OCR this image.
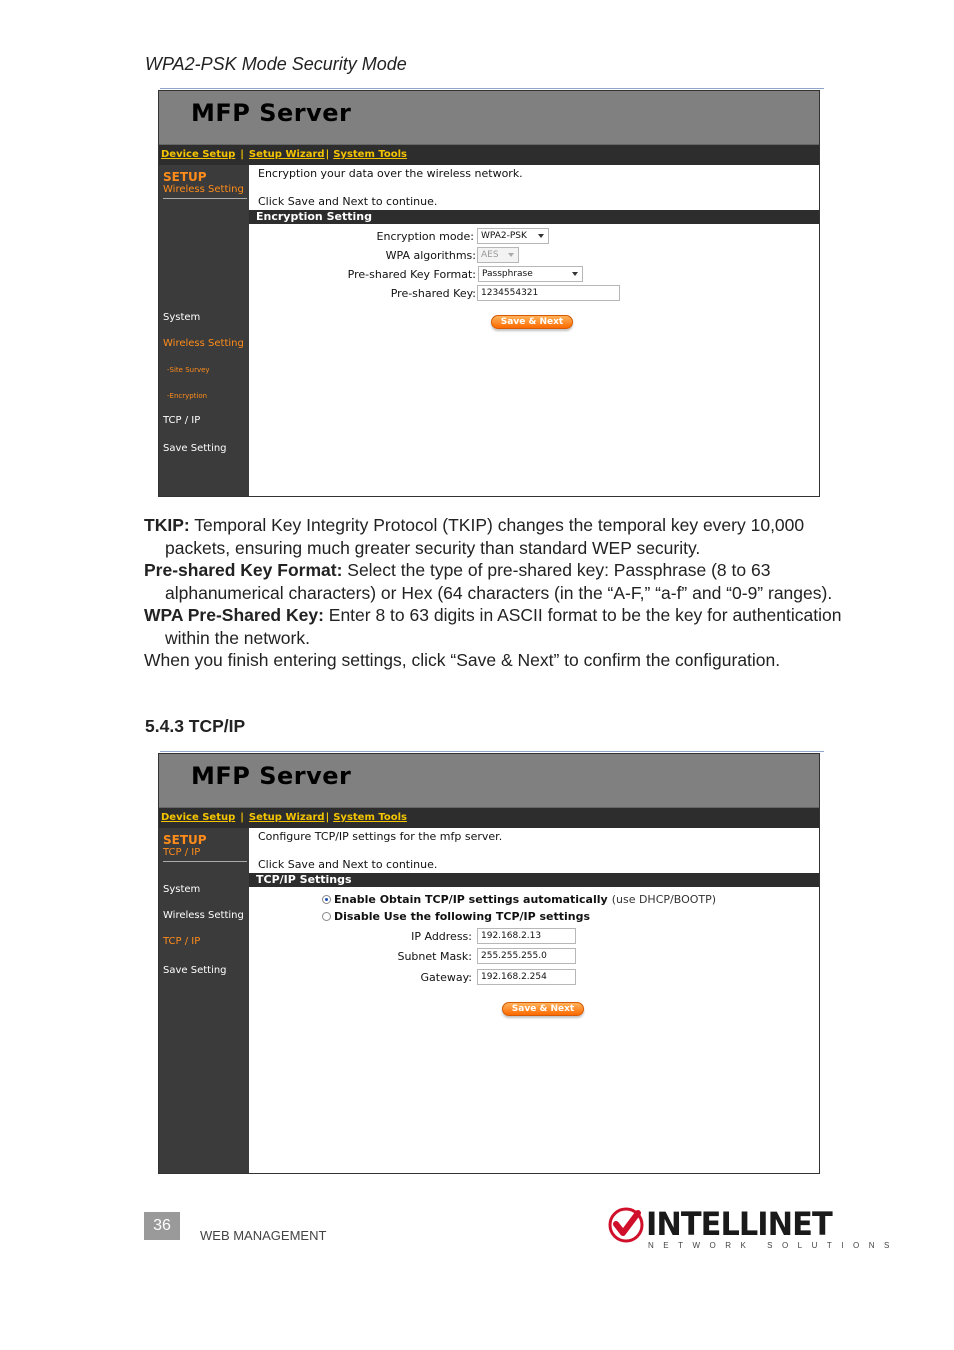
WPA2-PSK Mode Security Mode
MFP Server
Device Setup | Setup Wizard| System Tools
SETUP
Wireless Setting
System
Wireless Setting
-Site Survey
-Encryption
TCP / IP
Save Setting
Encryption your data over the wireless network.
Click Save and Next to continue.
Encryption Setting
Encryption mode: WPA2-PSK
WPA algorithms: AES
Pre-shared Key Format: Passphrase
Pre-shared Key: 1234554321
Save & Next

TKIP: Temporal Key Integrity Protocol (TKIP) changes the temporal key every 10,000 packets, ensuring much greater security than standard WEP security.

Pre-shared Key Format: Select the type of pre-shared key: Passphrase (8 to 63 alphanumerical characters) or Hex (64 characters (in the “A-F,” “a-f” and “0-9” ranges).

WPA Pre-Shared Key: Enter 8 to 63 digits in ASCII format to be the key for authentication within the network.

When you finish entering settings, click “Save & Next” to confirm the configuration.

5.4.3 TCP/IP
MFP Server
Device Setup | Setup Wizard| System Tools
SETUP
TCP / IP
System
Wireless Setting
TCP / IP
Save Setting
Configure TCP/IP settings for the mfp server.
Click Save and Next to continue.
TCP/IP Settings
Enable Obtain TCP/IP settings automatically (use DHCP/BOOTP)
Disable Use the following TCP/IP settings
IP Address:	192.168.2.13
Subnet Mask:	255.255.255.0
Gateway:	192.168.2.254
Save & Next
36
WEB MANAGEMENT	INTELLINET
NETWORK SOLUTIONS
